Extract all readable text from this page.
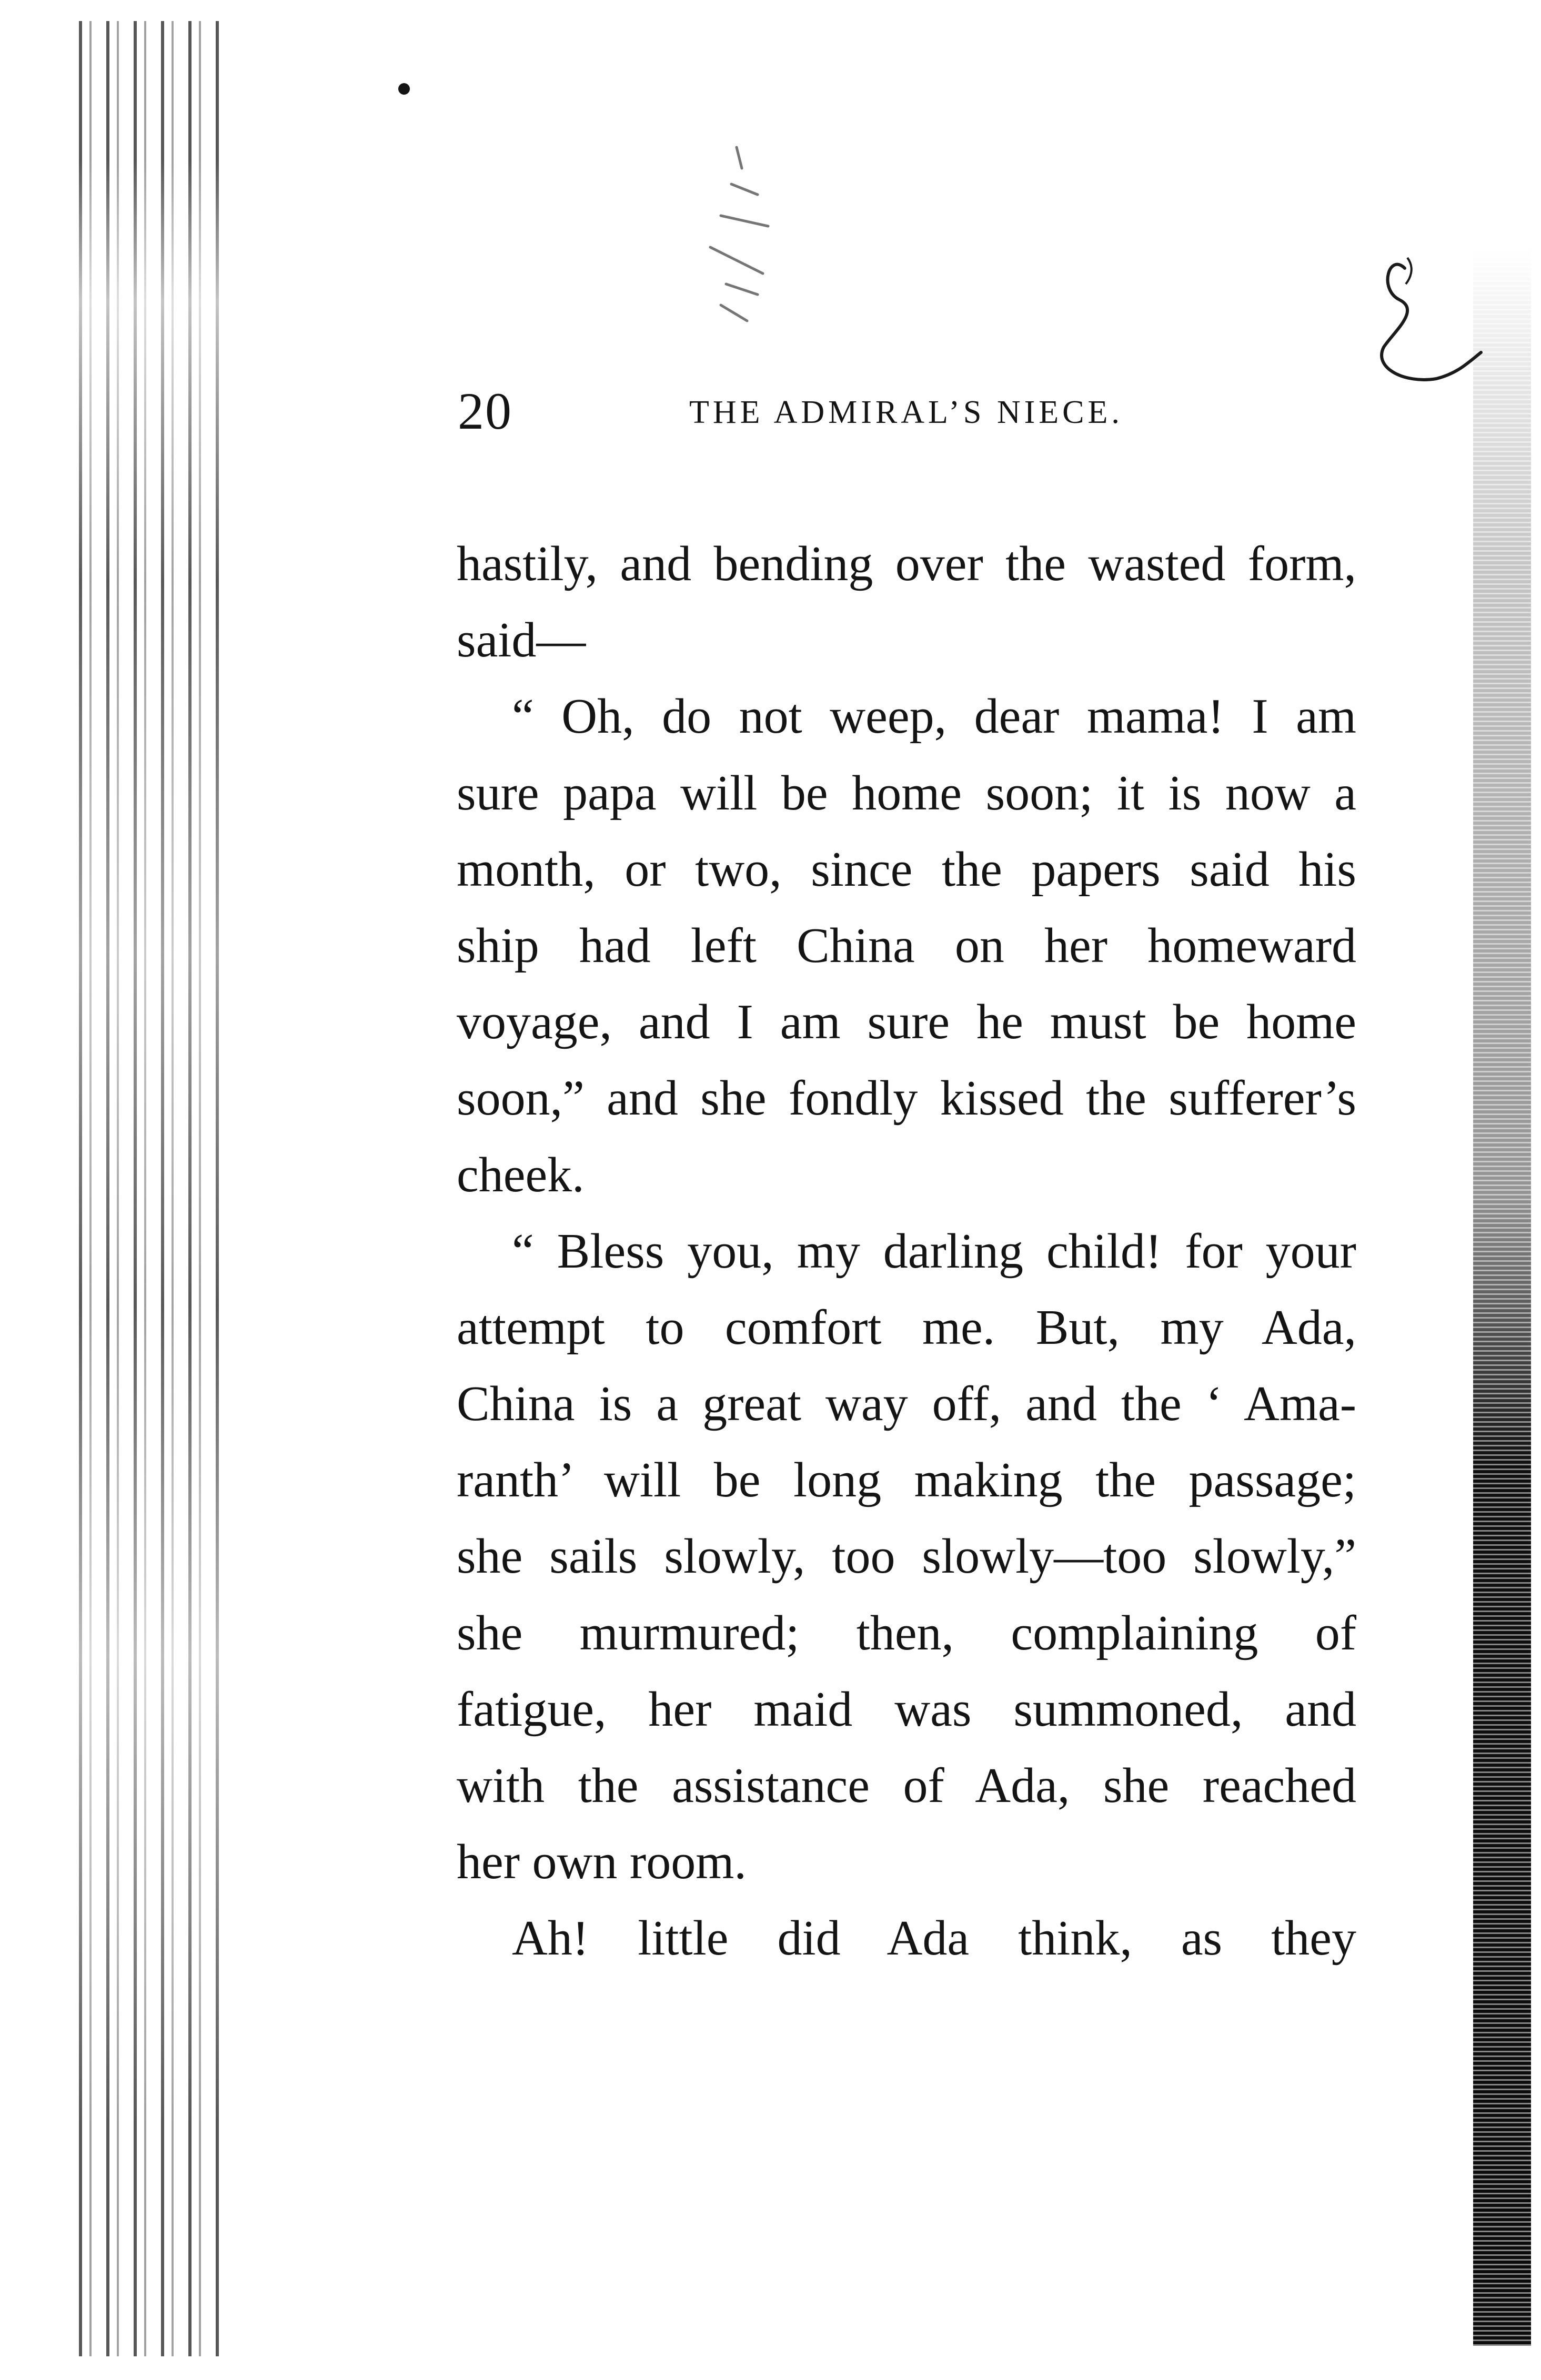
20	THE ADMIRAL’S NIECE.
hastily, and bending over the wasted form,
said—
“ Oh, do not weep, dear mama! I am
sure papa will be home soon; it is now a
month, or two, since the papers said his
ship had left China on her homeward
voyage, and I am sure he must be home
soon,” and she fondly kissed the sufferer’s
cheek.
“ Bless you, my darling child! for your
attempt to comfort me. But, my Ada,
China is a great way off, and the ‘ Ama-
ranth’ will be long making the passage;
she sails slowly, too slowly—too slowly,”
she murmured; then, complaining of
fatigue, her maid was summoned, and
with the assistance of Ada, she reached
her own room.
Ah! little did Ada think, as they
